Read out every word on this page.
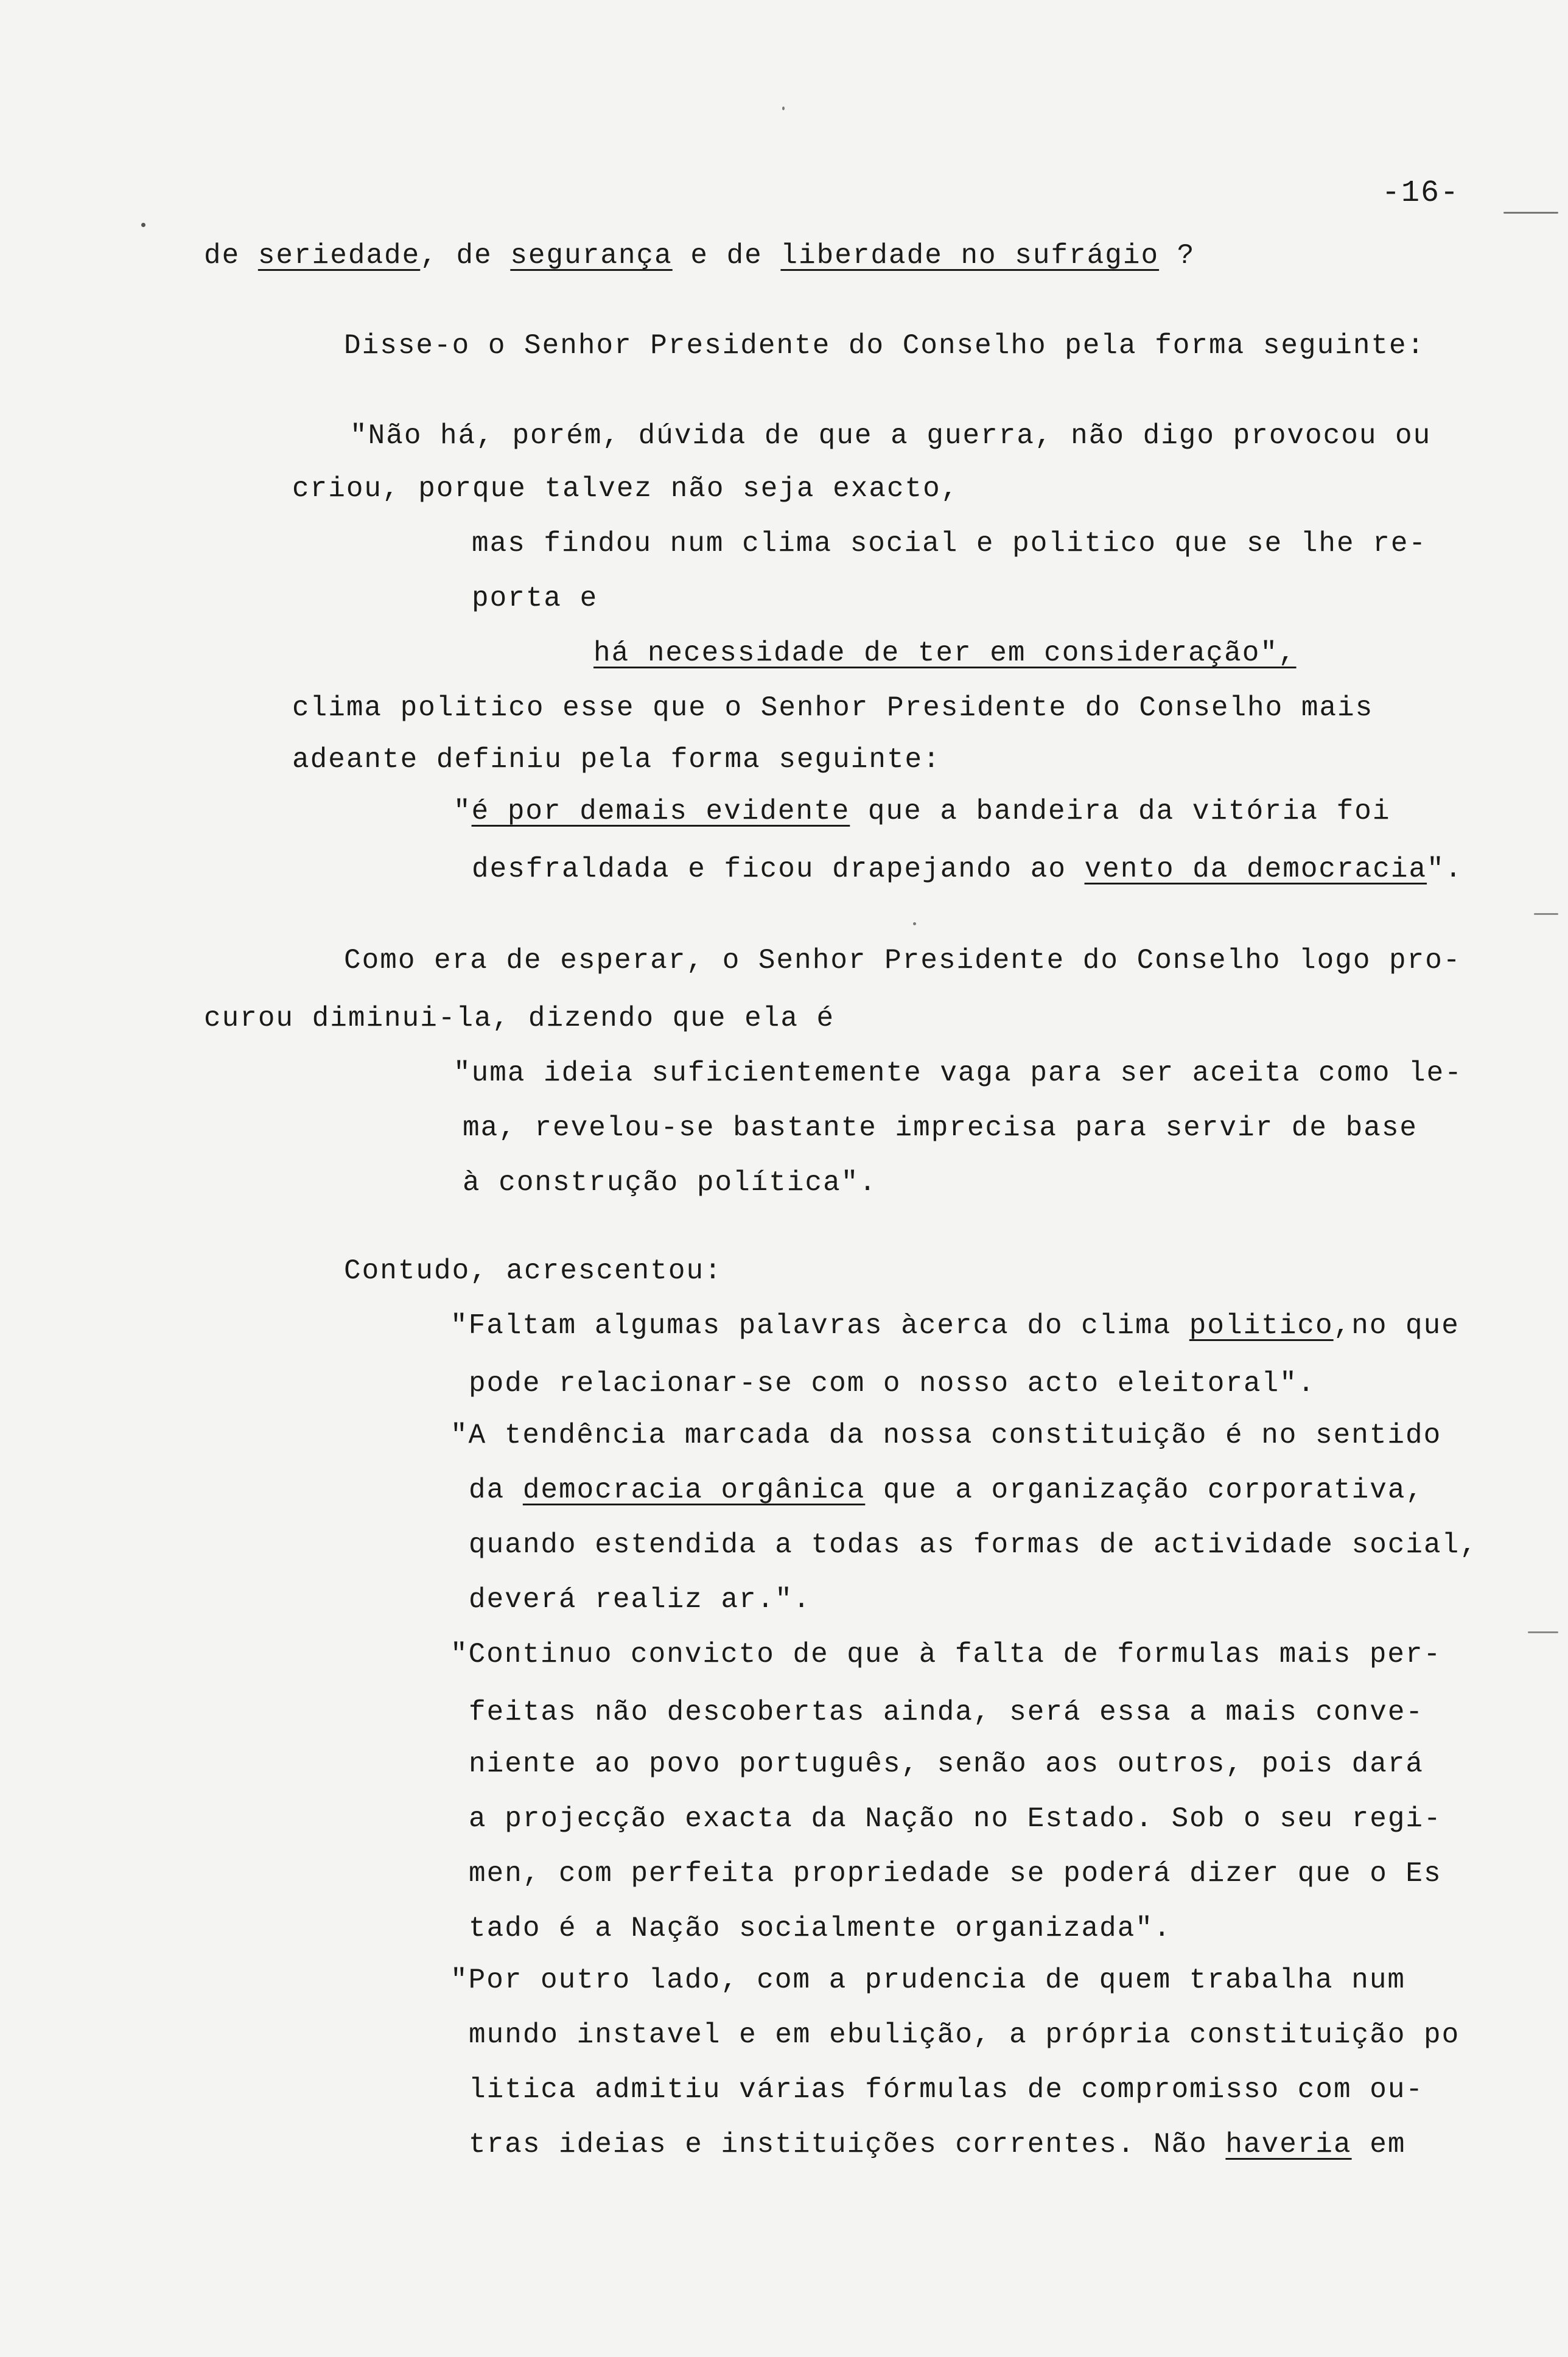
-16-
de seriedade, de segurança e de liberdade no sufrágio ?
Disse-o o Senhor Presidente do Conselho pela forma seguinte:
"Não há, porém, dúvida de que a guerra, não digo provocou ou
criou, porque talvez não seja exacto,
mas findou num clima social e politico que se lhe re-
porta e
há necessidade de ter em consideração",
clima politico esse que o Senhor Presidente do Conselho mais
adeante definiu pela forma seguinte:
"é por demais evidente que a bandeira da vitória foi
desfraldada e ficou drapejando ao vento da democracia".
Como era de esperar, o Senhor Presidente do Conselho logo pro-
curou diminui-la, dizendo que ela é
"uma ideia suficientemente vaga para ser aceita como le-
ma, revelou-se bastante imprecisa para servir de base
à construção política".
Contudo, acrescentou:
"Faltam algumas palavras àcerca do clima politico,no que
pode relacionar-se com o nosso acto eleitoral".
"A tendência marcada da nossa constituição é no sentido
da democracia orgânica que a organização corporativa,
quando estendida a todas as formas de actividade social,
deverá realiz ar.".
"Continuo convicto de que à falta de formulas mais per-
feitas não descobertas ainda, será essa a mais conve-
niente ao povo português, senão aos outros, pois dará
a projecção exacta da Nação no Estado. Sob o seu regi-
men, com perfeita propriedade se poderá dizer que o Es
tado é a Nação socialmente organizada".
"Por outro lado, com a prudencia de quem trabalha num
mundo instavel e em ebulição, a própria constituição po
litica admitiu várias fórmulas de compromisso com ou-
tras ideias e instituições correntes. Não haveria em
